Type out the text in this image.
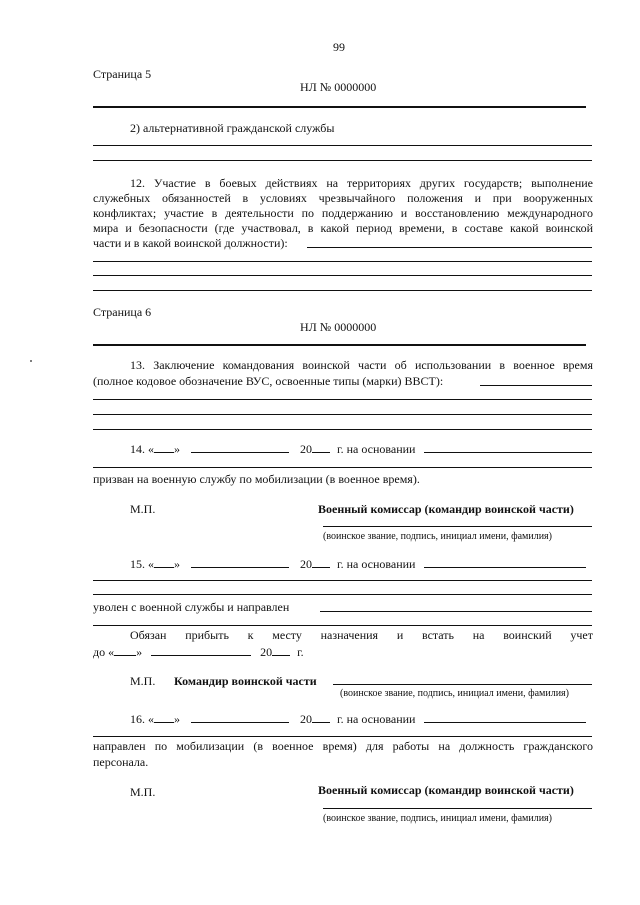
99
Страница 5
НЛ № 0000000
2) альтернативной гражданской службы
12. Участие в боевых действиях на территориях других государств; выполнение
служебных обязанностей в условиях чрезвычайного положения и при вооруженных
конфликтах; участие в деятельности по поддержанию и восстановлению международного
мира и безопасности (где участвовал, в какой период времени, в составе какой воинской
части и в какой воинской должности):
Страница 6
НЛ № 0000000
13. Заключение командования воинской части об использовании в военное время
(полное кодовое обозначение ВУС, освоенные типы (марки) ВВСТ):
14. « »	20 г. на основании
призван на военную службу по мобилизации (в военное время).
М.П.	Военный комиссар (командир воинской части)
(воинское звание, подпись, инициал имени, фамилия)
15. « »	20 г. на основании
уволен с военной службы и направлен
Обязан прибыть к месту назначения и встать на воинский учет
до « »	20 г.
М.П. Командир воинской части
(воинское звание, подпись, инициал имени, фамилия)
16. « »	20 г. на основании
направлен по мобилизации (в военное время) для работы на должность гражданского
персонала.
М.П.	Военный комиссар (командир воинской части)
(воинское звание, подпись, инициал имени, фамилия)
